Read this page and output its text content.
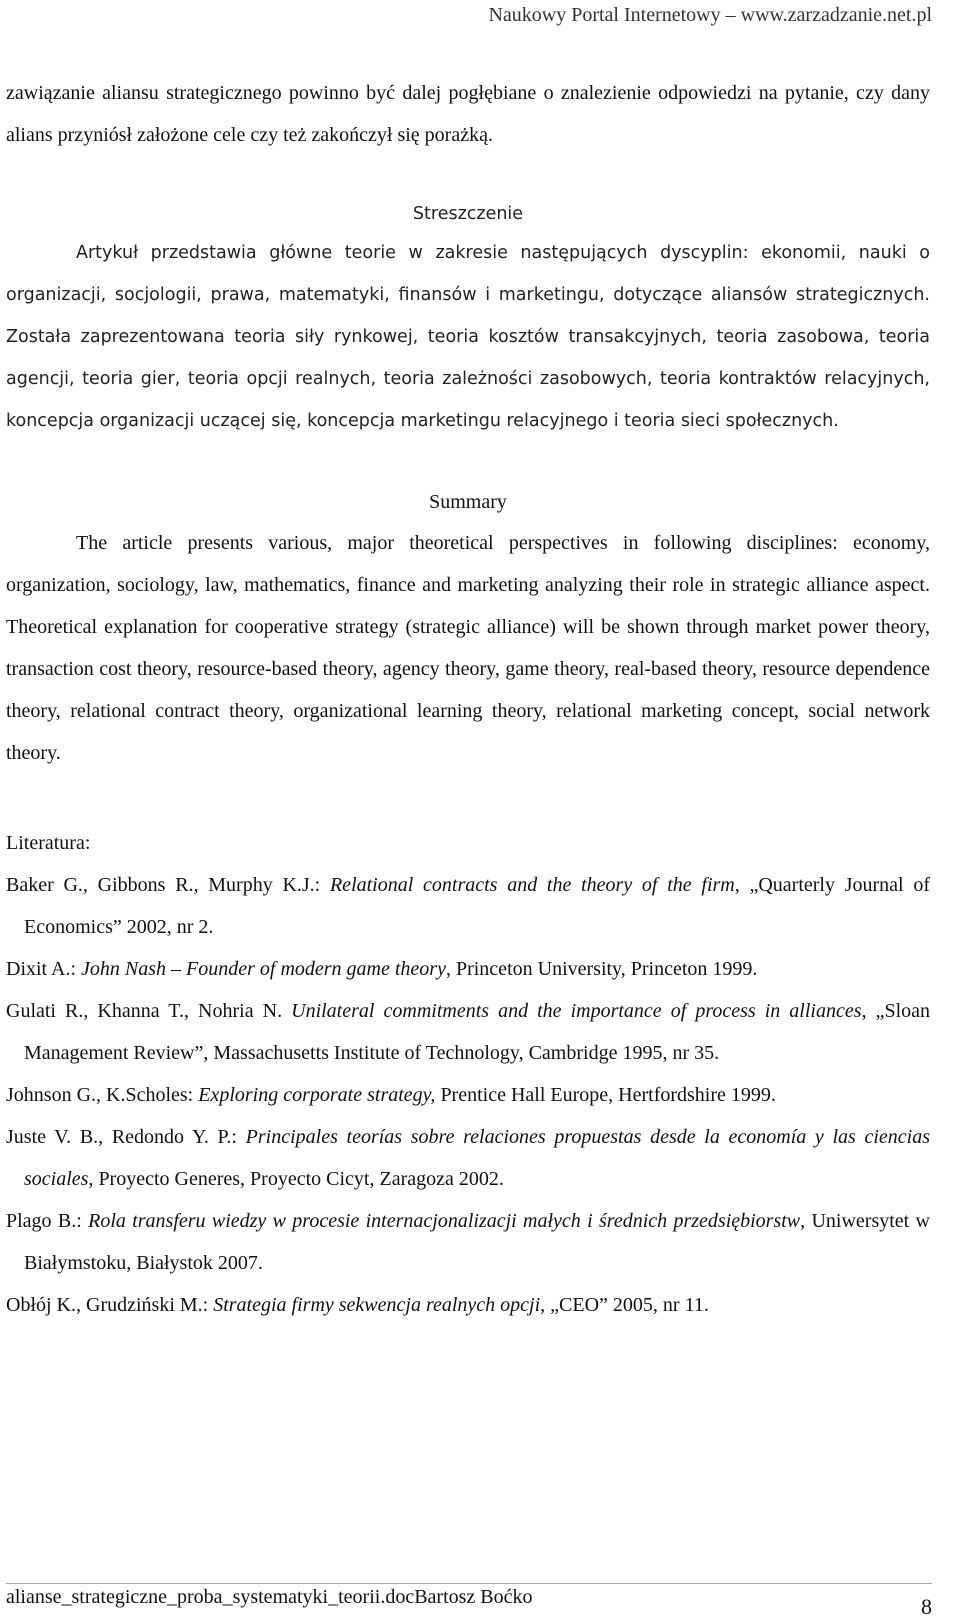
Naukowy Portal Internetowy – www.zarzadzanie.net.pl

zawiązanie aliansu strategicznego powinno być dalej pogłębiane o znalezienie odpowiedzi na pytanie, czy dany alians przyniósł założone cele czy też zakończył się porażką.

Streszczenie

Artykuł przedstawia główne teorie w zakresie następujących dyscyplin: ekonomii, nauki o organizacji, socjologii, prawa, matematyki, finansów i marketingu, dotyczące aliansów strategicznych. Została zaprezentowana teoria siły rynkowej, teoria kosztów transakcyjnych, teoria zasobowa, teoria agencji, teoria gier, teoria opcji realnych, teoria zależności zasobowych, teoria kontraktów relacyjnych, koncepcja organizacji uczącej się, koncepcja marketingu relacyjnego i teoria sieci społecznych.

Summary

The article presents various, major theoretical perspectives in following disciplines: economy, organization, sociology, law, mathematics, finance and marketing analyzing their role in strategic alliance aspect. Theoretical explanation for cooperative strategy (strategic alliance) will be shown through market power theory, transaction cost theory, resource-based theory, agency theory, game theory, real-based theory, resource dependence theory, relational contract theory, organizational learning theory, relational marketing concept, social network theory.

Literatura:

Baker G., Gibbons R., Murphy K.J.: Relational contracts and the theory of the firm, „Quarterly Journal of Economics” 2002, nr 2.

Dixit A.: John Nash – Founder of modern game theory, Princeton University, Princeton 1999.

Gulati R., Khanna T., Nohria N. Unilateral commitments and the importance of process in alliances, „Sloan Management Review”, Massachusetts Institute of Technology, Cambridge 1995, nr 35.

Johnson G., K.Scholes: Exploring corporate strategy, Prentice Hall Europe, Hertfordshire 1999.

Juste V. B., Redondo Y. P.: Principales teorías sobre relaciones propuestas desde la economía y las ciencias sociales, Proyecto Generes, Proyecto Cicyt, Zaragoza 2002.

Plago B.: Rola transferu wiedzy w procesie internacjonalizacji małych i średnich przedsiębiorstw, Uniwersytet w Białymstoku, Białystok 2007.

Obłój K., Grudziński M.: Strategia firmy sekwencja realnych opcji, „CEO” 2005, nr 11.

alianse_strategiczne_proba_systematyki_teorii.docBartosz Boćko	8
